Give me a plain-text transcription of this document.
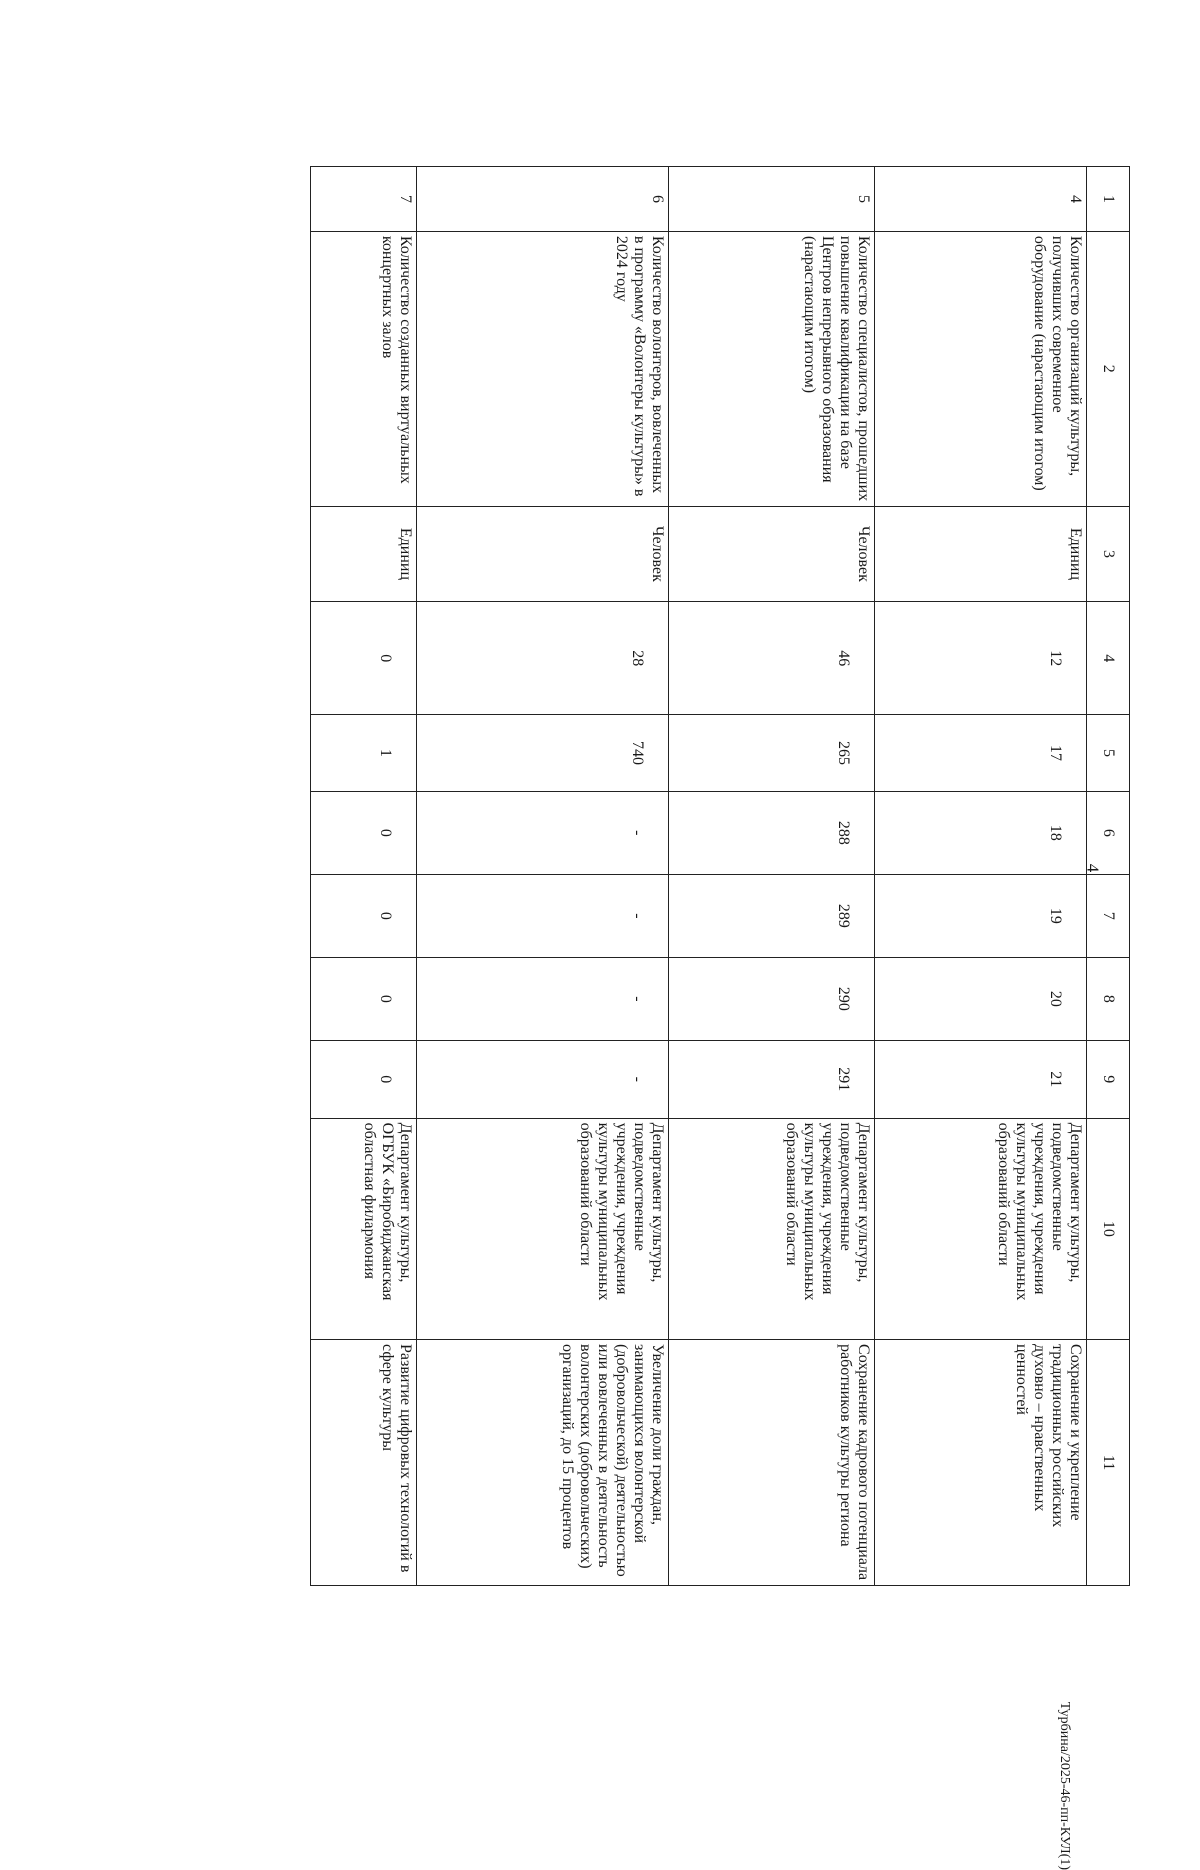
4
Турбина/2025-46-пп-КУЛ(1)
1	2	3	4	5	6	7	8	9	10	11
4	Количество организаций культуры, получивших современное оборудование (нарастающим итогом)	Единиц	12	17	18	19	20	21	Департамент культуры, подведомственные учреждения, учреждения культуры муниципальных образований области	Сохранение и укрепление традиционных российских духовно – нравственных ценностей
5	Количество специалистов, прошедших повышение квалификации на базе Центров непрерывного образования (нарастающим итогом)	Человек	46	265	288	289	290	291	Департамент культуры, подведомственные учреждения, учреждения культуры муниципальных образований области	Сохранение кадрового потенциала работников культуры региона
6	Количество волонтеров, вовлеченных в программу «Волонтеры культуры» в 2024 году	Человек	28	740	-	-	-	-	Департамент культуры, подведомственные учреждения, учреждения культуры муниципальных образований области	Увеличение доли граждан, занимающихся волонтерской (добровольческой) деятельностью или вовлеченных в деятельность волонтерских (добровольческих) организаций, до 15 процентов
7	Количество созданных виртуальных концертных залов	Единиц	0	1	0	0	0	0	Департамент культуры, ОГБУК «Биробиджанская областная филармония	Развитие цифровых технологий в сфере культуры
